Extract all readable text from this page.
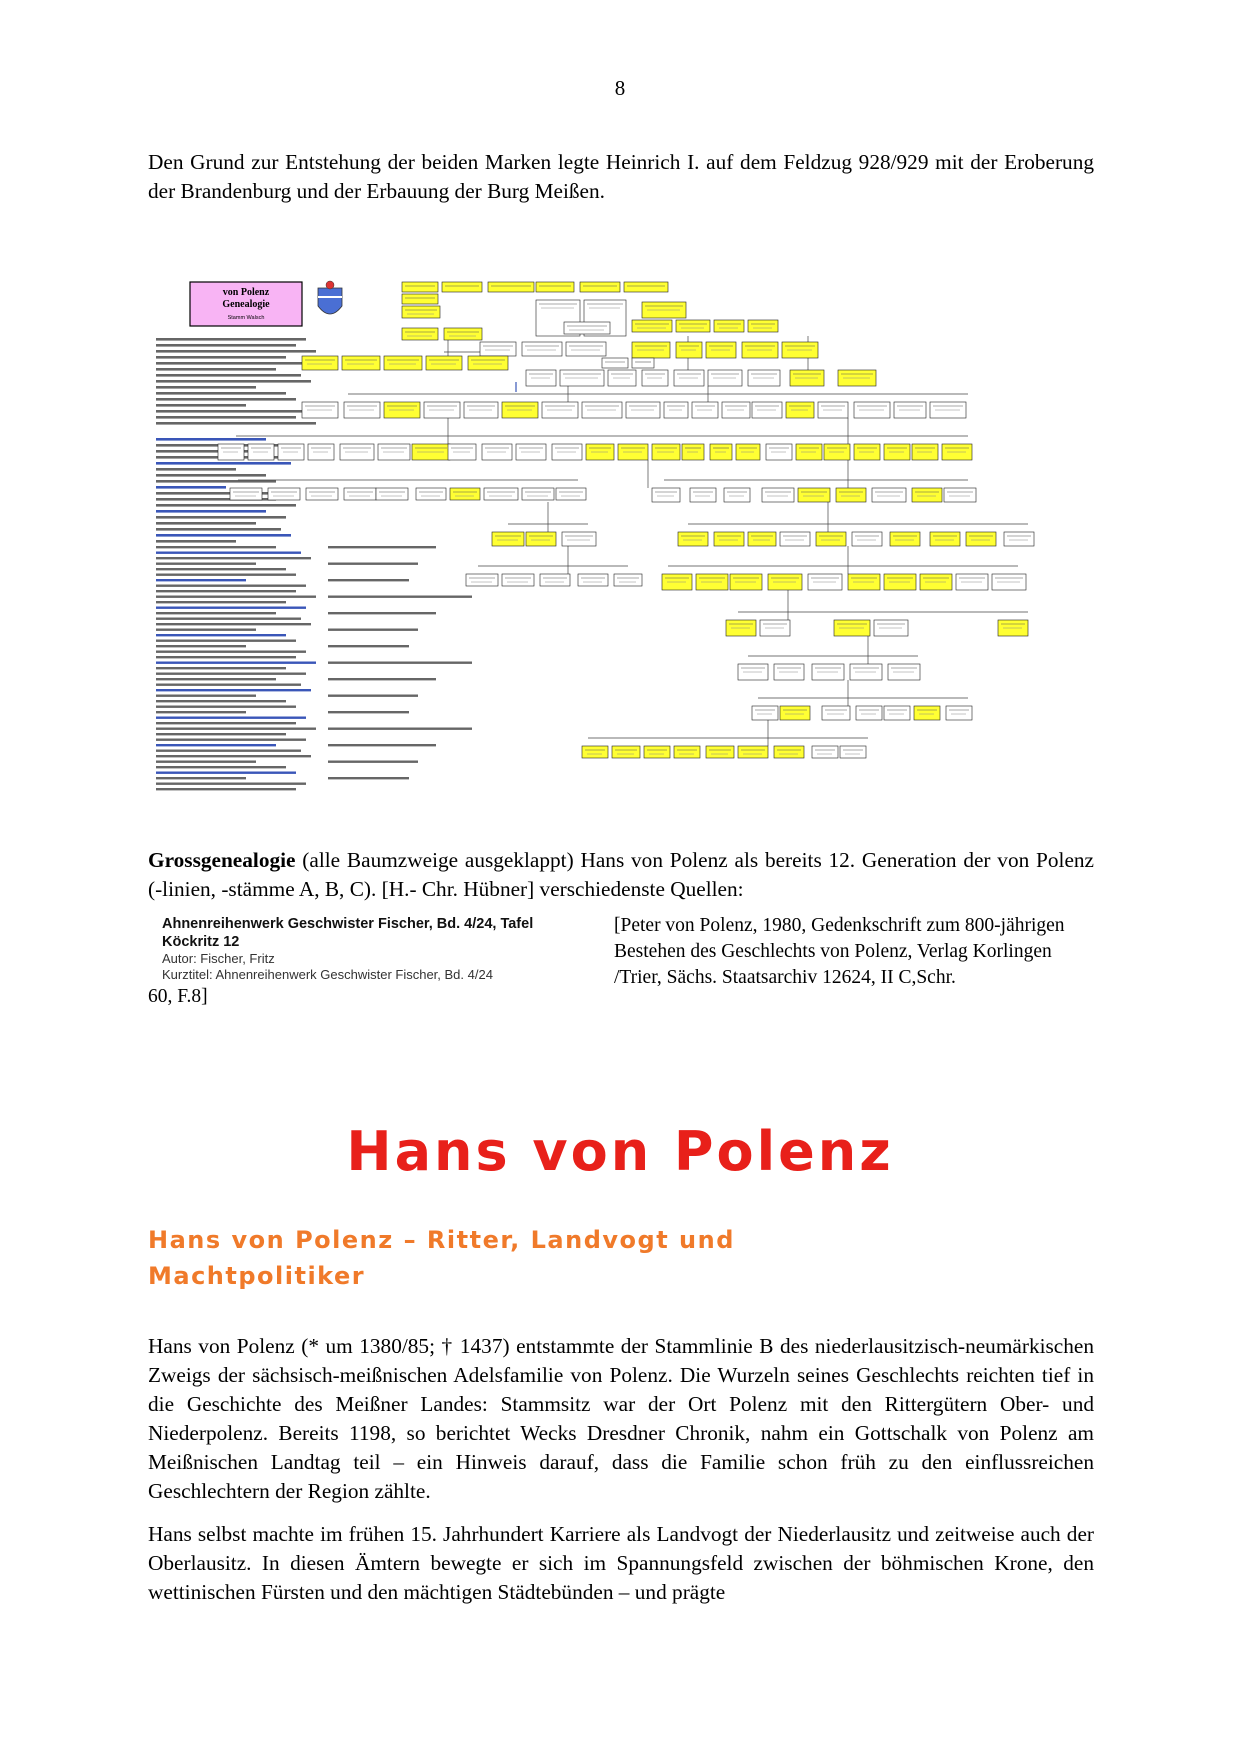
8

Den Grund zur Entstehung der beiden Marken legte Heinrich I. auf dem Feldzug 928/929 mit der Eroberung der Brandenburg und der Erbauung der Burg Meißen.

von Polenz
Genealogie
Stamm Walsch

Grossgenealogie (alle Baumzweige ausgeklappt) Hans von Polenz als bereits 12. Generation der von Polenz (-linien, -stämme A, B, C). [H.- Chr. Hübner] verschiedenste Quellen:

Ahnenreihenwerk Geschwister Fischer, Bd. 4/24, Tafel Köckritz 12
Autor: Fischer, Fritz
Kurztitel: Ahnenreihenwerk Geschwister Fischer, Bd. 4/24

[Peter von Polenz, 1980, Gedenkschrift zum 800-jährigen Bestehen des Geschlechts von Polenz, Verlag Korlingen /Trier, Sächs. Staatsarchiv 12624, II C,Schr.

60, F.8]

Hans von Polenz

Hans von Polenz – Ritter, Landvogt und Machtpolitiker

Hans von Polenz (* um 1380/85; † 1437) entstammte der Stammlinie B des niederlausitzisch-neumärkischen Zweigs der sächsisch-meißnischen Adelsfamilie von Polenz. Die Wurzeln seines Geschlechts reichten tief in die Geschichte des Meißner Landes: Stammsitz war der Ort Polenz mit den Rittergütern Ober- und Niederpolenz. Bereits 1198, so berichtet Wecks Dresdner Chronik, nahm ein Gottschalk von Polenz am Meißnischen Landtag teil – ein Hinweis darauf, dass die Familie schon früh zu den einflussreichen Geschlechtern der Region zählte.

Hans selbst machte im frühen 15. Jahrhundert Karriere als Landvogt der Niederlausitz und zeitweise auch der Oberlausitz. In diesen Ämtern bewegte er sich im Spannungsfeld zwischen der böhmischen Krone, den wettinischen Fürsten und den mächtigen Städtebünden – und prägte
